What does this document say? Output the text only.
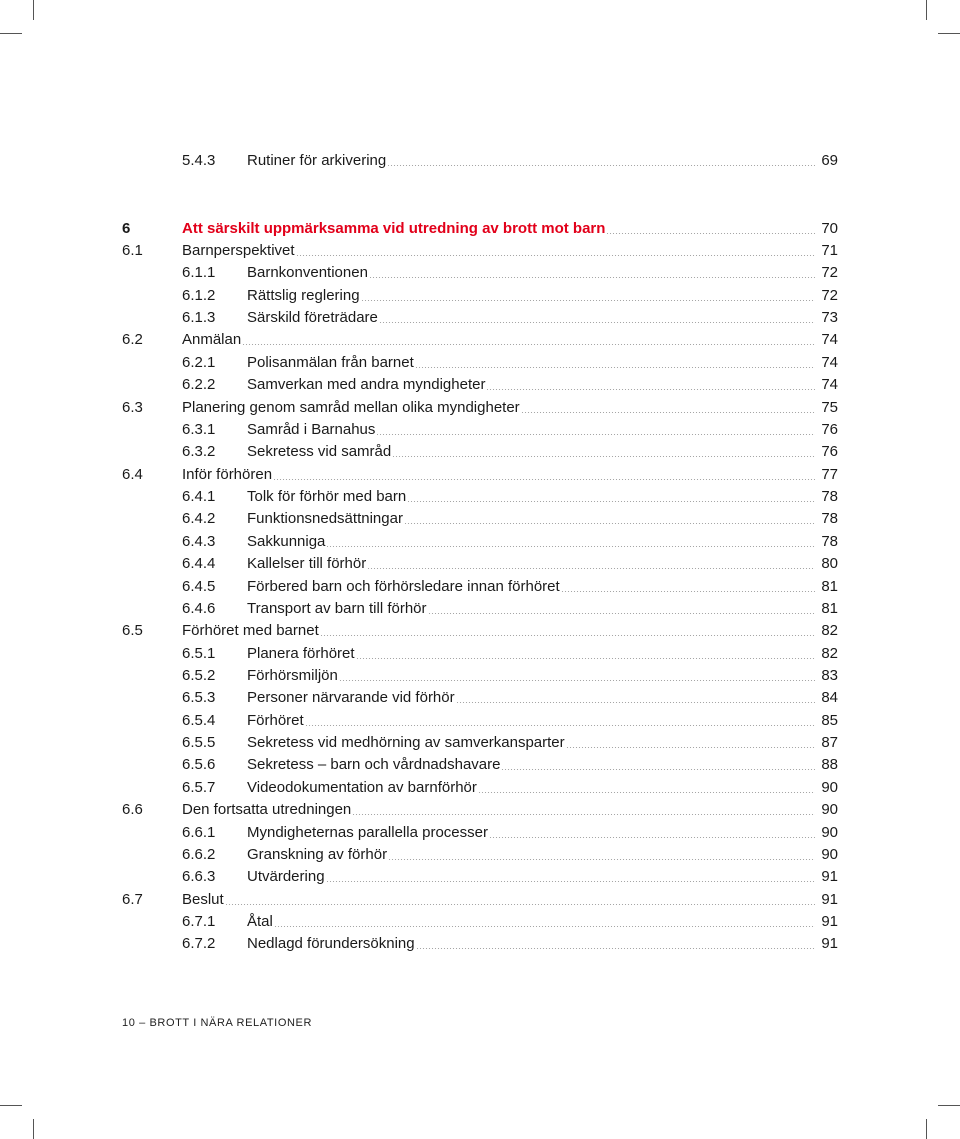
5.4.3 Rutiner för arkivering	69
6	Att särskilt uppmärksamma vid utredning av brott mot barn	70
6.1	Barnperspektivet	71
6.1.1 Barnkonventionen	72
6.1.2 Rättslig reglering	72
6.1.3 Särskild företrädare	73
6.2	Anmälan	74
6.2.1 Polisanmälan från barnet	74
6.2.2 Samverkan med andra myndigheter	74
6.3	Planering genom samråd mellan olika myndigheter	75
6.3.1 Samråd i Barnahus	76
6.3.2 Sekretess vid samråd	76
6.4	Inför förhören	77
6.4.1 Tolk för förhör med barn	78
6.4.2 Funktionsnedsättningar	78
6.4.3 Sakkunniga	78
6.4.4 Kallelser till förhör	80
6.4.5 Förbered barn och förhörsledare innan förhöret	81
6.4.6 Transport av barn till förhör	81
6.5	Förhöret med barnet	82
6.5.1 Planera förhöret	82
6.5.2 Förhörsmiljön	83
6.5.3 Personer närvarande vid förhör	84
6.5.4 Förhöret	85
6.5.5 Sekretess vid medhörning av samverkansparter	87
6.5.6 Sekretess – barn och vårdnadshavare	88
6.5.7 Videodokumentation av barnförhör	90
6.6	Den fortsatta utredningen	90
6.6.1 Myndigheternas parallella processer	90
6.6.2 Granskning av förhör	90
6.6.3 Utvärdering	91
6.7	Beslut	91
6.7.1 Åtal	91
6.7.2 Nedlagd förundersökning	91
10 – BROTT I NÄRA RELATIONER
